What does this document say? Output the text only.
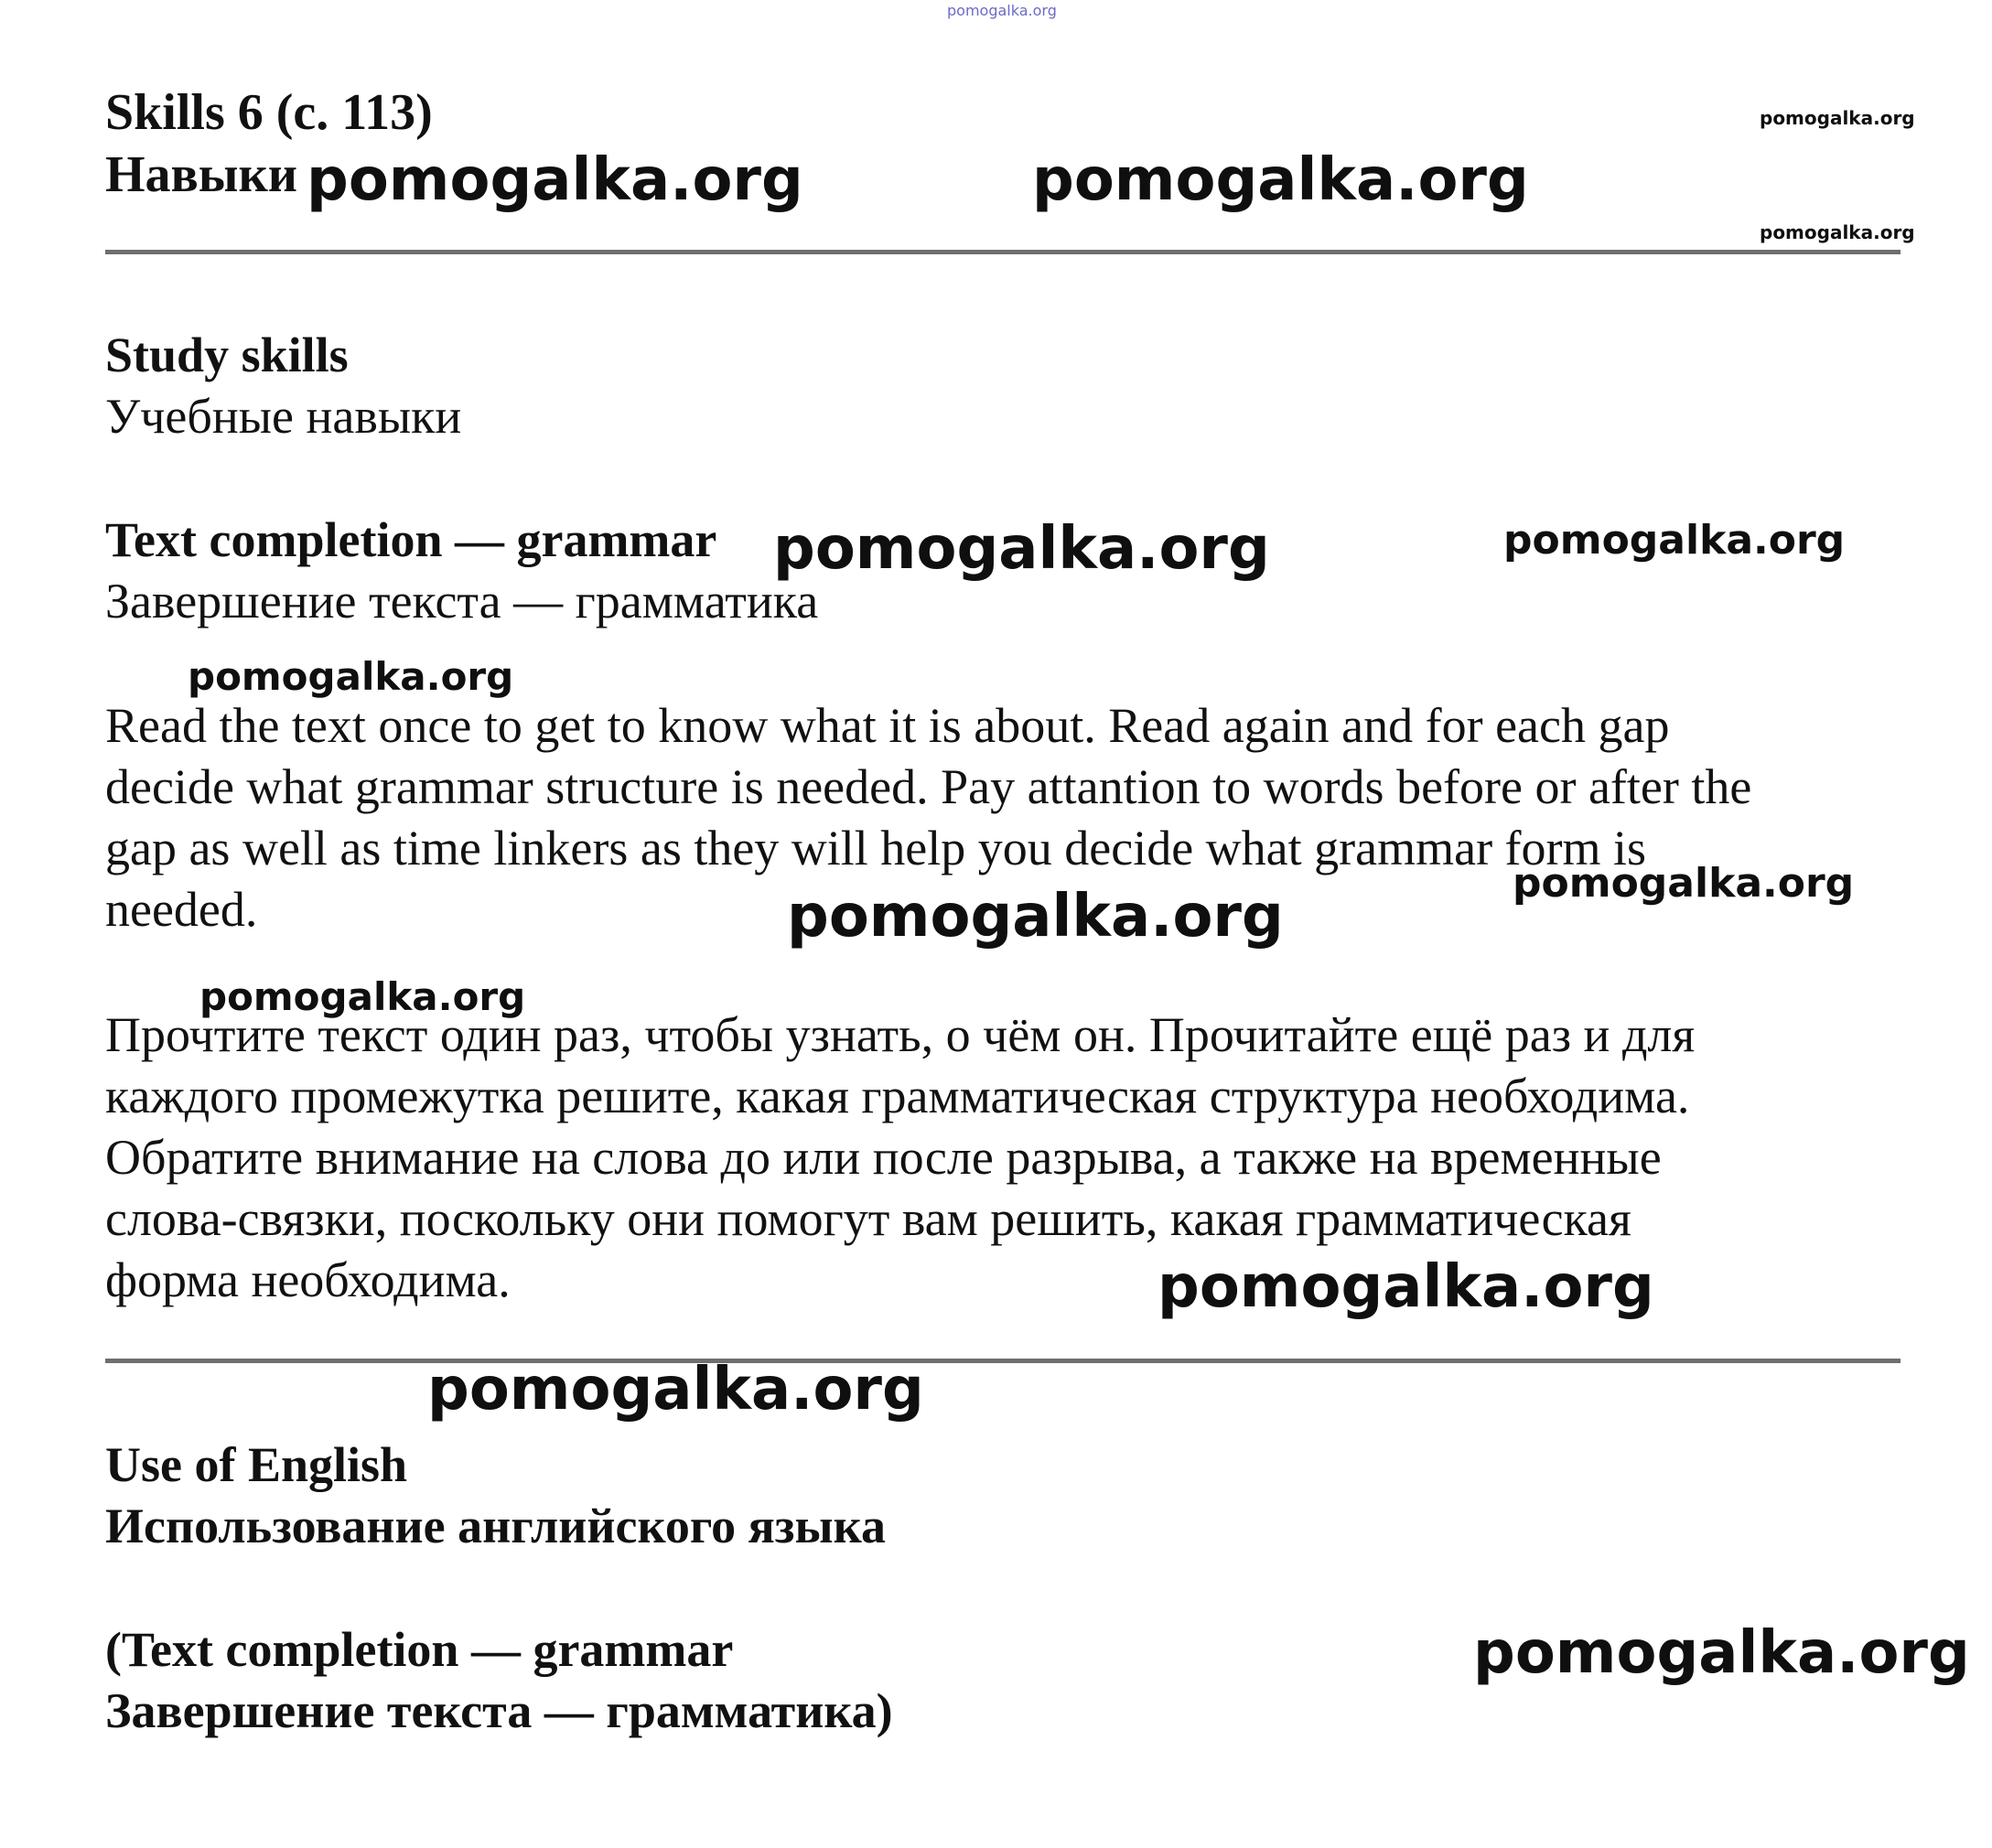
pomogalka.org
Skills 6 (c. 113)
Навыки
pomogalka.org
pomogalka.org	pomogalka.org
pomogalka.org
Study skills
Учебные навыки
Text completion — grammar
Завершение текста — грамматика
pomogalka.org	pomogalka.org
pomogalka.org
Read the text once to get to know what it is about. Read again and for each gap
decide what grammar structure is needed. Pay attantion to words before or after the
gap as well as time linkers as they will help you decide what grammar form is
needed.	pomogalka.org
pomogalka.org
pomogalka.org
Прочтите текст один раз, чтобы узнать, о чём он. Прочитайте ещё раз и для
каждого промежутка решите, какая грамматическая структура необходима.
Обратите внимание на слова до или после разрыва, а также на временные
слова-связки, поскольку они помогут вам решить, какая грамматическая
форма необходима.	pomogalka.org
pomogalka.org
Use of English
Использование английского языка
(Text completion — grammar
Завершение текста — грамматика)
pomogalka.org
